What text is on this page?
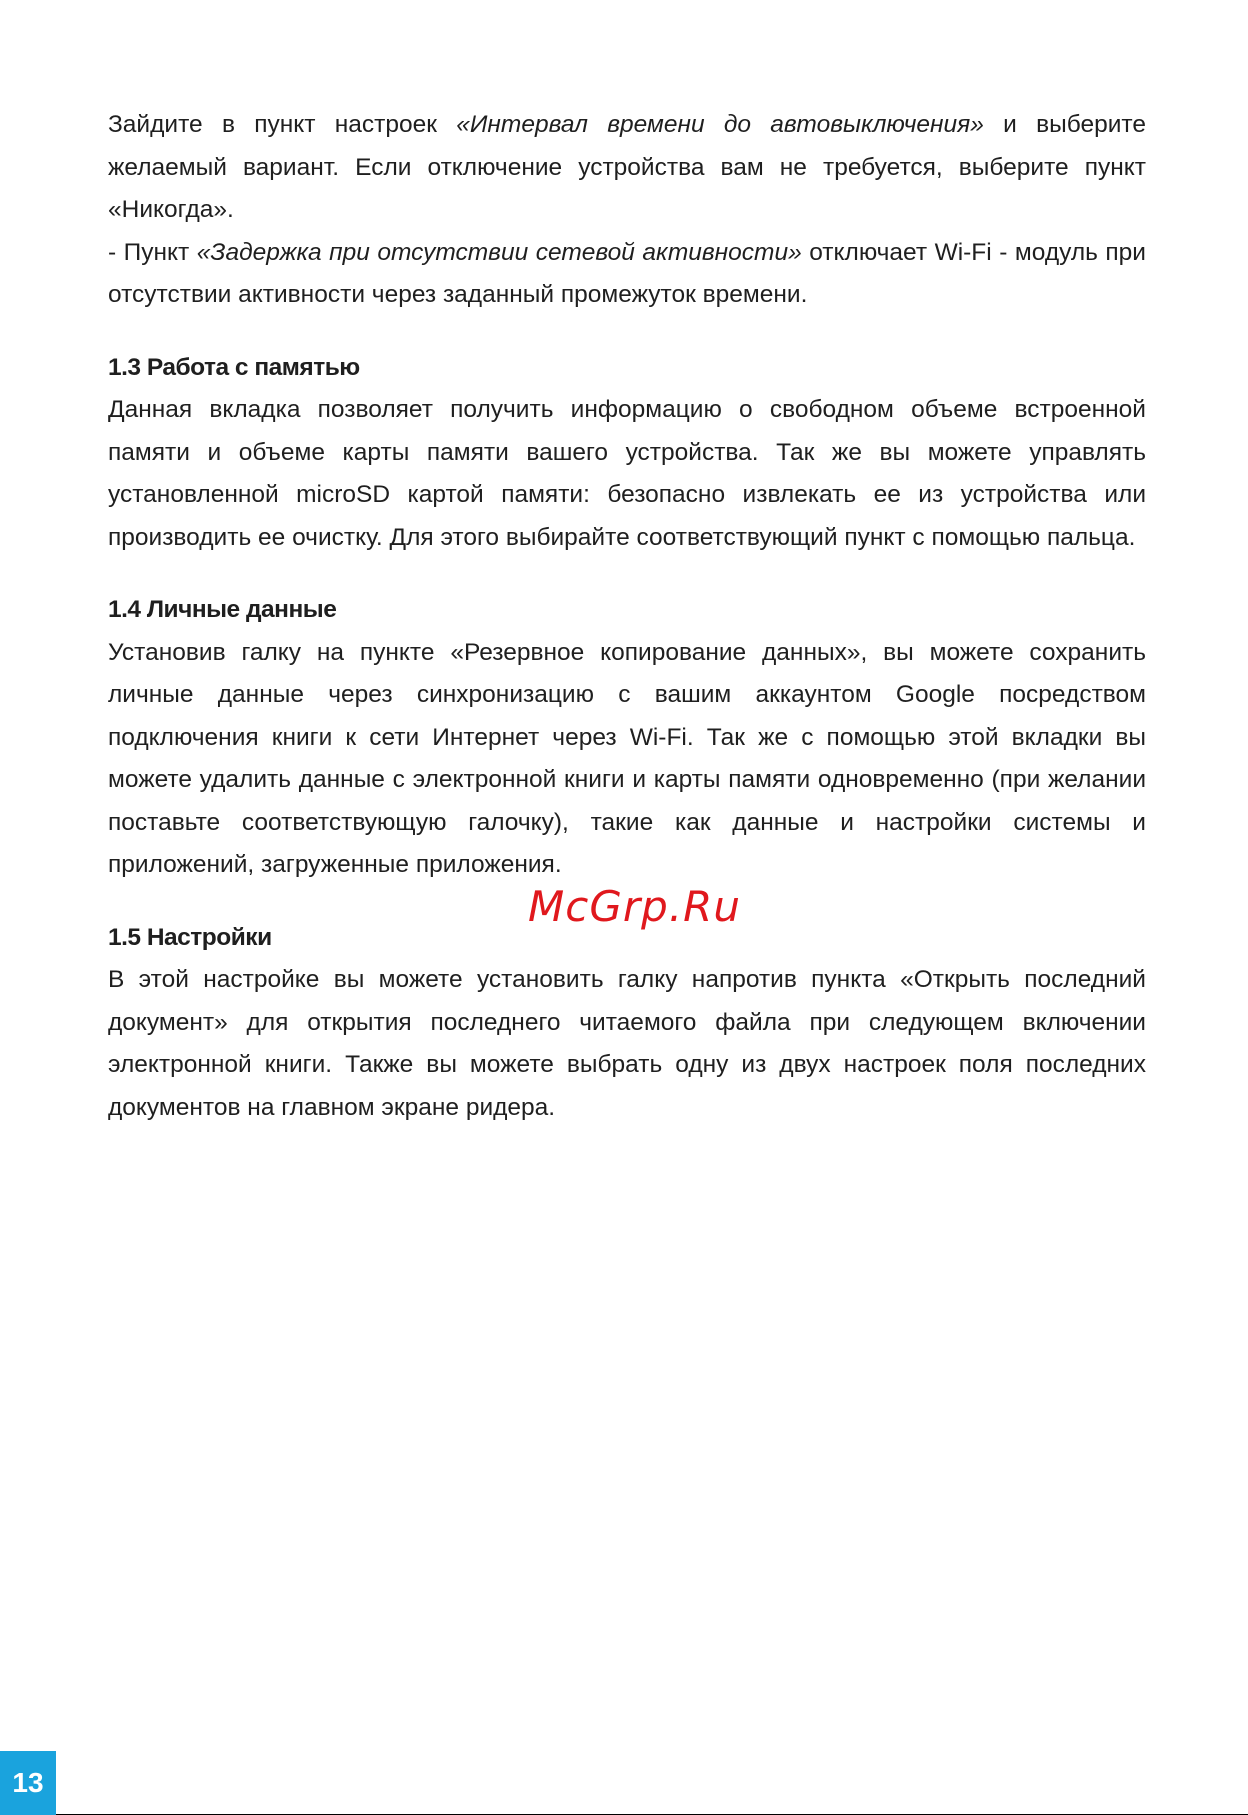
Зайдите в пункт настроек «Интервал времени до автовыключения» и выберите желаемый вариант. Если отключение устройства вам не требуется, выберите пункт «Никогда».

- Пункт «Задержка при отсутствии сетевой активности» отключает Wi-Fi - модуль при отсутствии активности через заданный промежуток времени.

1.3 Работа с памятью

Данная вкладка позволяет получить информацию о свободном объеме встроенной памяти и объеме карты памяти вашего устройства. Так же вы можете управлять установленной microSD картой памяти: безопасно извлекать ее из устройства или производить ее очистку. Для этого выбирайте соответствующий пункт с помощью пальца.

1.4 Личные данные

Установив галку на пункте «Резервное копирование данных», вы можете сохранить личные данные через синхронизацию с вашим аккаунтом Google посредством подключения книги к сети Интернет через Wi-Fi. Так же с помощью этой вкладки вы можете удалить данные с электронной книги и карты памяти одновременно (при желании поставьте соответствующую галочку), такие как данные и настройки системы и приложений, загруженные приложения.

1.5 Настройки

В этой настройке вы можете установить галку напротив пункта «Открыть последний документ» для открытия последнего читаемого файла при следующем включении электронной книги. Также вы можете выбрать одну из двух настроек поля последних документов на главном экране ридера.

McGrp.Ru
13
